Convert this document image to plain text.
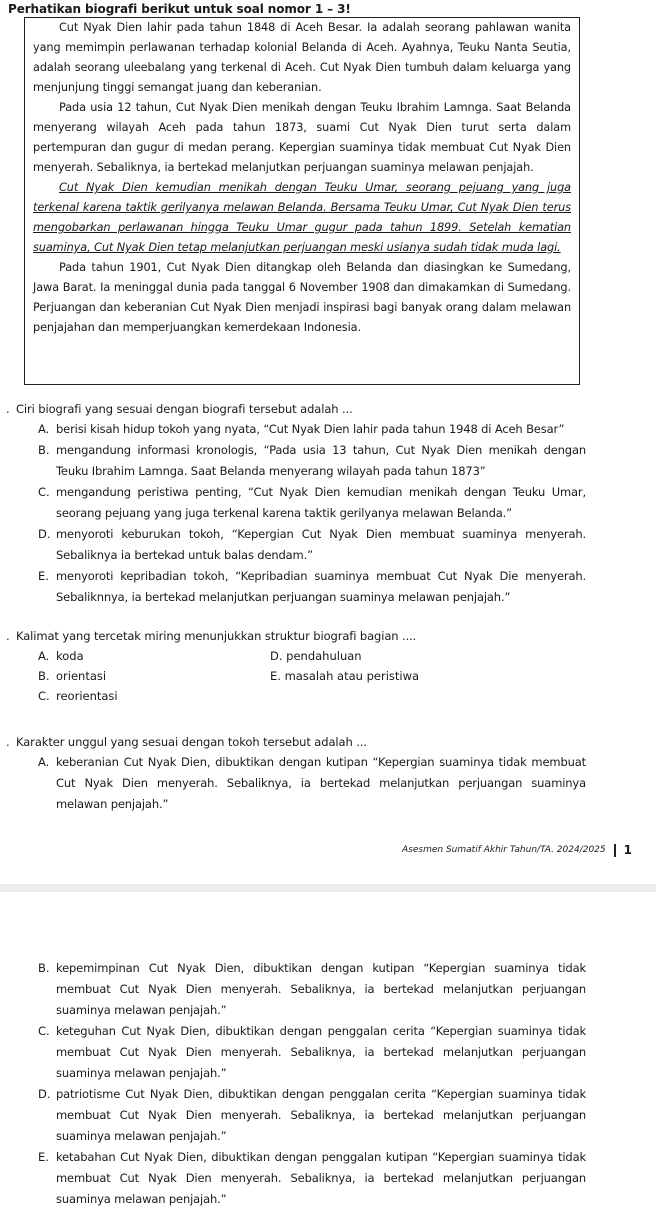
Perhatikan biografi berikut untuk soal nomor 1 – 3!

Cut Nyak Dien lahir pada tahun 1848 di Aceh Besar. Ia adalah seorang pahlawan wanita yang memimpin perlawanan terhadap kolonial Belanda di Aceh. Ayahnya, Teuku Nanta Seutia, adalah seorang uleebalang yang terkenal di Aceh. Cut Nyak Dien tumbuh dalam keluarga yang menjunjung tinggi semangat juang dan keberanian.

Pada usia 12 tahun, Cut Nyak Dien menikah dengan Teuku Ibrahim Lamnga. Saat Belanda menyerang wilayah Aceh pada tahun 1873, suami Cut Nyak Dien turut serta dalam pertempuran dan gugur di medan perang. Kepergian suaminya tidak membuat Cut Nyak Dien menyerah. Sebaliknya, ia bertekad melanjutkan perjuangan suaminya melawan penjajah.

Cut Nyak Dien kemudian menikah dengan Teuku Umar, seorang pejuang yang juga terkenal karena taktik gerilyanya melawan Belanda. Bersama Teuku Umar, Cut Nyak Dien terus mengobarkan perlawanan hingga Teuku Umar gugur pada tahun 1899. Setelah kematian suaminya, Cut Nyak Dien tetap melanjutkan perjuangan meski usianya sudah tidak muda lagi.

Pada tahun 1901, Cut Nyak Dien ditangkap oleh Belanda dan diasingkan ke Sumedang, Jawa Barat. Ia meninggal dunia pada tanggal 6 November 1908 dan dimakamkan di Sumedang. Perjuangan dan keberanian Cut Nyak Dien menjadi inspirasi bagi banyak orang dalam melawan penjajahan dan memperjuangkan kemerdekaan Indonesia.

. Ciri biografi yang sesuai dengan biografi tersebut adalah ...

A. berisi kisah hidup tokoh yang nyata, “Cut Nyak Dien lahir pada tahun 1948 di Aceh Besar”
B. mengandung informasi kronologis, “Pada usia 13 tahun, Cut Nyak Dien menikah dengan Teuku Ibrahim Lamnga. Saat Belanda menyerang wilayah pada tahun 1873”
C. mengandung peristiwa penting, “Cut Nyak Dien kemudian menikah dengan Teuku Umar, seorang pejuang yang juga terkenal karena taktik gerilyanya melawan Belanda.”
D. menyoroti keburukan tokoh, “Kepergian Cut Nyak Dien membuat suaminya menyerah. Sebaliknya ia bertekad untuk balas dendam.”
E. menyoroti kepribadian tokoh, “Kepribadian suaminya membuat Cut Nyak Die menyerah. Sebaliknnya, ia bertekad melanjutkan perjuangan suaminya melawan penjajah.”

. Kalimat yang tercetak miring menunjukkan struktur biografi bagian ....

A. koda	D. pendahuluan
B. orientasi	E. masalah atau peristiwa
C. reorientasi

. Karakter unggul yang sesuai dengan tokoh tersebut adalah ...

A. keberanian Cut Nyak Dien, dibuktikan dengan kutipan “Kepergian suaminya tidak membuat Cut Nyak Dien menyerah. Sebaliknya, ia bertekad melanjutkan perjuangan suaminya melawan penjajah.”
Asesmen Sumatif Akhir Tahun/TA. 2024/2025 1
B. kepemimpinan Cut Nyak Dien, dibuktikan dengan kutipan “Kepergian suaminya tidak membuat Cut Nyak Dien menyerah. Sebaliknya, ia bertekad melanjutkan perjuangan suaminya melawan penjajah.”
C. keteguhan Cut Nyak Dien, dibuktikan dengan penggalan cerita “Kepergian suaminya tidak membuat Cut Nyak Dien menyerah. Sebaliknya, ia bertekad melanjutkan perjuangan suaminya melawan penjajah.”
D. patriotisme Cut Nyak Dien, dibuktikan dengan penggalan cerita “Kepergian suaminya tidak membuat Cut Nyak Dien menyerah. Sebaliknya, ia bertekad melanjutkan perjuangan suaminya melawan penjajah.”
E. ketabahan Cut Nyak Dien, dibuktikan dengan penggalan kutipan “Kepergian suaminya tidak membuat Cut Nyak Dien menyerah. Sebaliknya, ia bertekad melanjutkan perjuangan suaminya melawan penjajah.”
